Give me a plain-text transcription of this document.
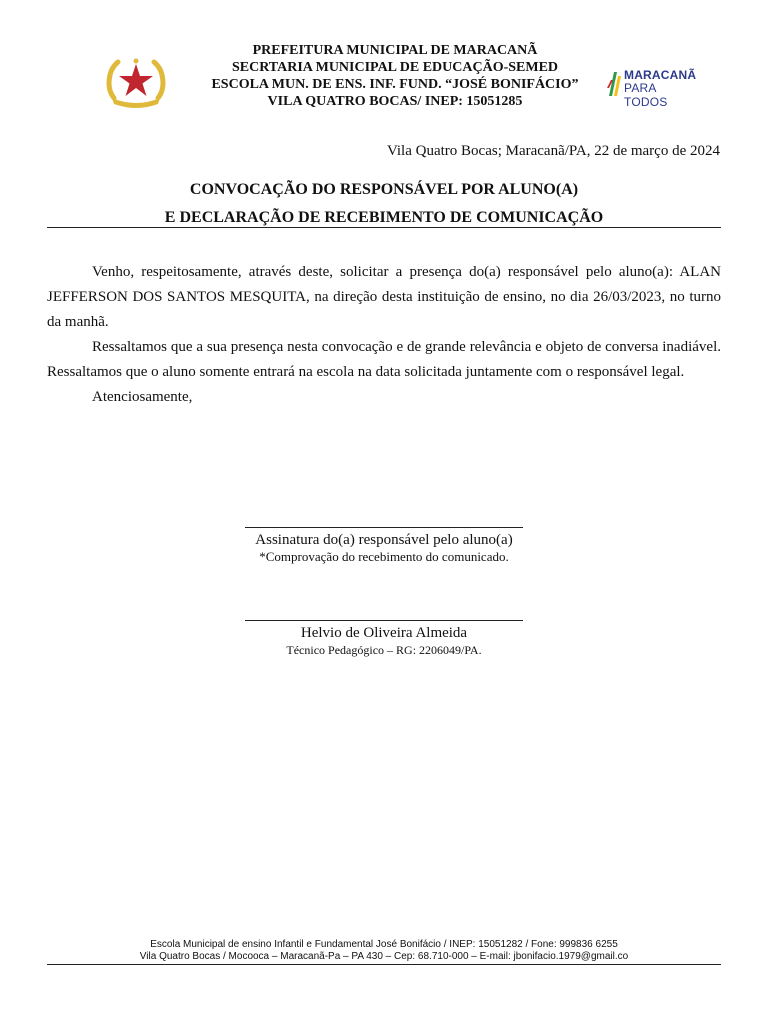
PREFEITURA MUNICIPAL DE MARACANÃ
SECRTARIA MUNICIPAL DE EDUCAÇÃO-SEMED
ESCOLA MUN. DE ENS. INF. FUND. “JOSÉ BONIFÁCIO”
VILA QUATRO BOCAS/ INEP: 15051285
MARACANÃ
PARA TODOS
Vila Quatro Bocas; Maracanã/PA, 22 de março de 2024
CONVOCAÇÃO DO RESPONSÁVEL POR ALUNO(A)
E DECLARAÇÃO DE RECEBIMENTO DE COMUNICAÇÃO

Venho, respeitosamente, através deste, solicitar a presença do(a) responsável pelo aluno(a): ALAN JEFFERSON DOS SANTOS MESQUITA, na direção desta instituição de ensino, no dia 26/03/2023, no turno da manhã.

Ressaltamos que a sua presença nesta convocação e de grande relevância e objeto de conversa inadiável. Ressaltamos que o aluno somente entrará na escola na data solicitada juntamente com o responsável legal.

Atenciosamente,

Assinatura do(a) responsável pelo aluno(a)
*Comprovação do recebimento do comunicado.
Helvio de Oliveira Almeida
Técnico Pedagógico – RG: 2206049/PA.
Escola Municipal de ensino Infantil e Fundamental José Bonifácio / INEP: 15051282 / Fone: 999836 6255
Vila Quatro Bocas / Mocooca – Maracanã-Pa – PA 430 – Cep: 68.710-000 – E-mail: jbonifacio.1979@gmail.co
